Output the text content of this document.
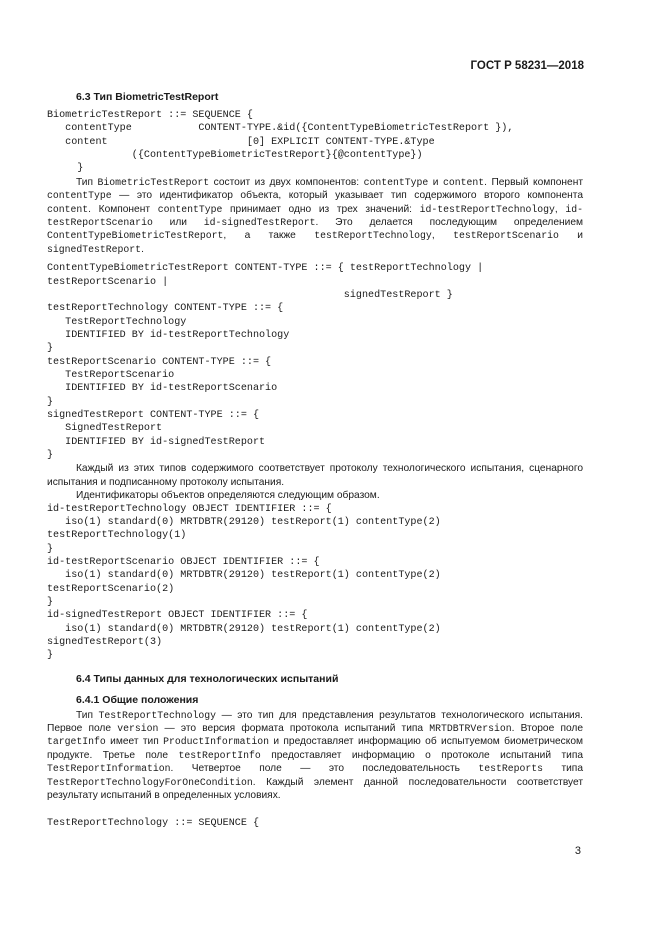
ГОСТ Р 58231—2018
6.3 Тип BiometricTestReport
BiometricTestReport ::= SEQUENCE {
contentType           CONTENT-TYPE.&id({ContentTypeBiometricTestReport }),
content                       [0] EXPLICIT CONTENT-TYPE.&Type
({ContentTypeBiometricTestReport}{@contentType})
}
Тип BiometricTestReport состоит из двух компонентов: contentType и content. Первый компонент contentType — это идентификатор объекта, который указывает тип содержимого второго компонента content. Компонент contentType принимает одно из трех значений: id-testReportTechnology, id-testReportScenario или id-signedTestReport. Это делается последующим определением ContentTypeBiometricTestReport, а также testReportTechnology, testReportScenario и signedTestReport.
ContentTypeBiometricTestReport CONTENT-TYPE ::= { testReportTechnology |
testReportScenario |
signedTestReport }
testReportTechnology CONTENT-TYPE ::= {
TestReportTechnology
IDENTIFIED BY id-testReportTechnology
}
testReportScenario CONTENT-TYPE ::= {
TestReportScenario
IDENTIFIED BY id-testReportScenario
}
signedTestReport CONTENT-TYPE ::= {
SignedTestReport
IDENTIFIED BY id-signedTestReport
}
Каждый из этих типов содержимого соответствует протоколу технологического испытания, сценарного испытания и подписанному протоколу испытания.
Идентификаторы объектов определяются следующим образом.
id-testReportTechnology OBJECT IDENTIFIER ::= {
iso(1) standard(0) MRTDBTR(29120) testReport(1) contentType(2)
testReportTechnology(1)
}
id-testReportScenario OBJECT IDENTIFIER ::= {
iso(1) standard(0) MRTDBTR(29120) testReport(1) contentType(2)
testReportScenario(2)
}
id-signedTestReport OBJECT IDENTIFIER ::= {
iso(1) standard(0) MRTDBTR(29120) testReport(1) contentType(2)
signedTestReport(3)
}
6.4 Типы данных для технологических испытаний
6.4.1 Общие положения
Тип TestReportTechnology — это тип для представления результатов технологического испытания. Первое поле version — это версия формата протокола испытаний типа MRTDBTRVersion. Второе поле targetInfo имеет тип ProductInformation и предоставляет информацию об испытуемом биометрическом продукте. Третье поле testReportInfo предоставляет информацию о протоколе испытаний типа TestReportInformation. Четвертое поле — это последовательность testReports типа TestReportTechnologyForOneCondition. Каждый элемент данной последовательности соответствует результату испытаний в определенных условиях.
TestReportTechnology ::= SEQUENCE {
3
